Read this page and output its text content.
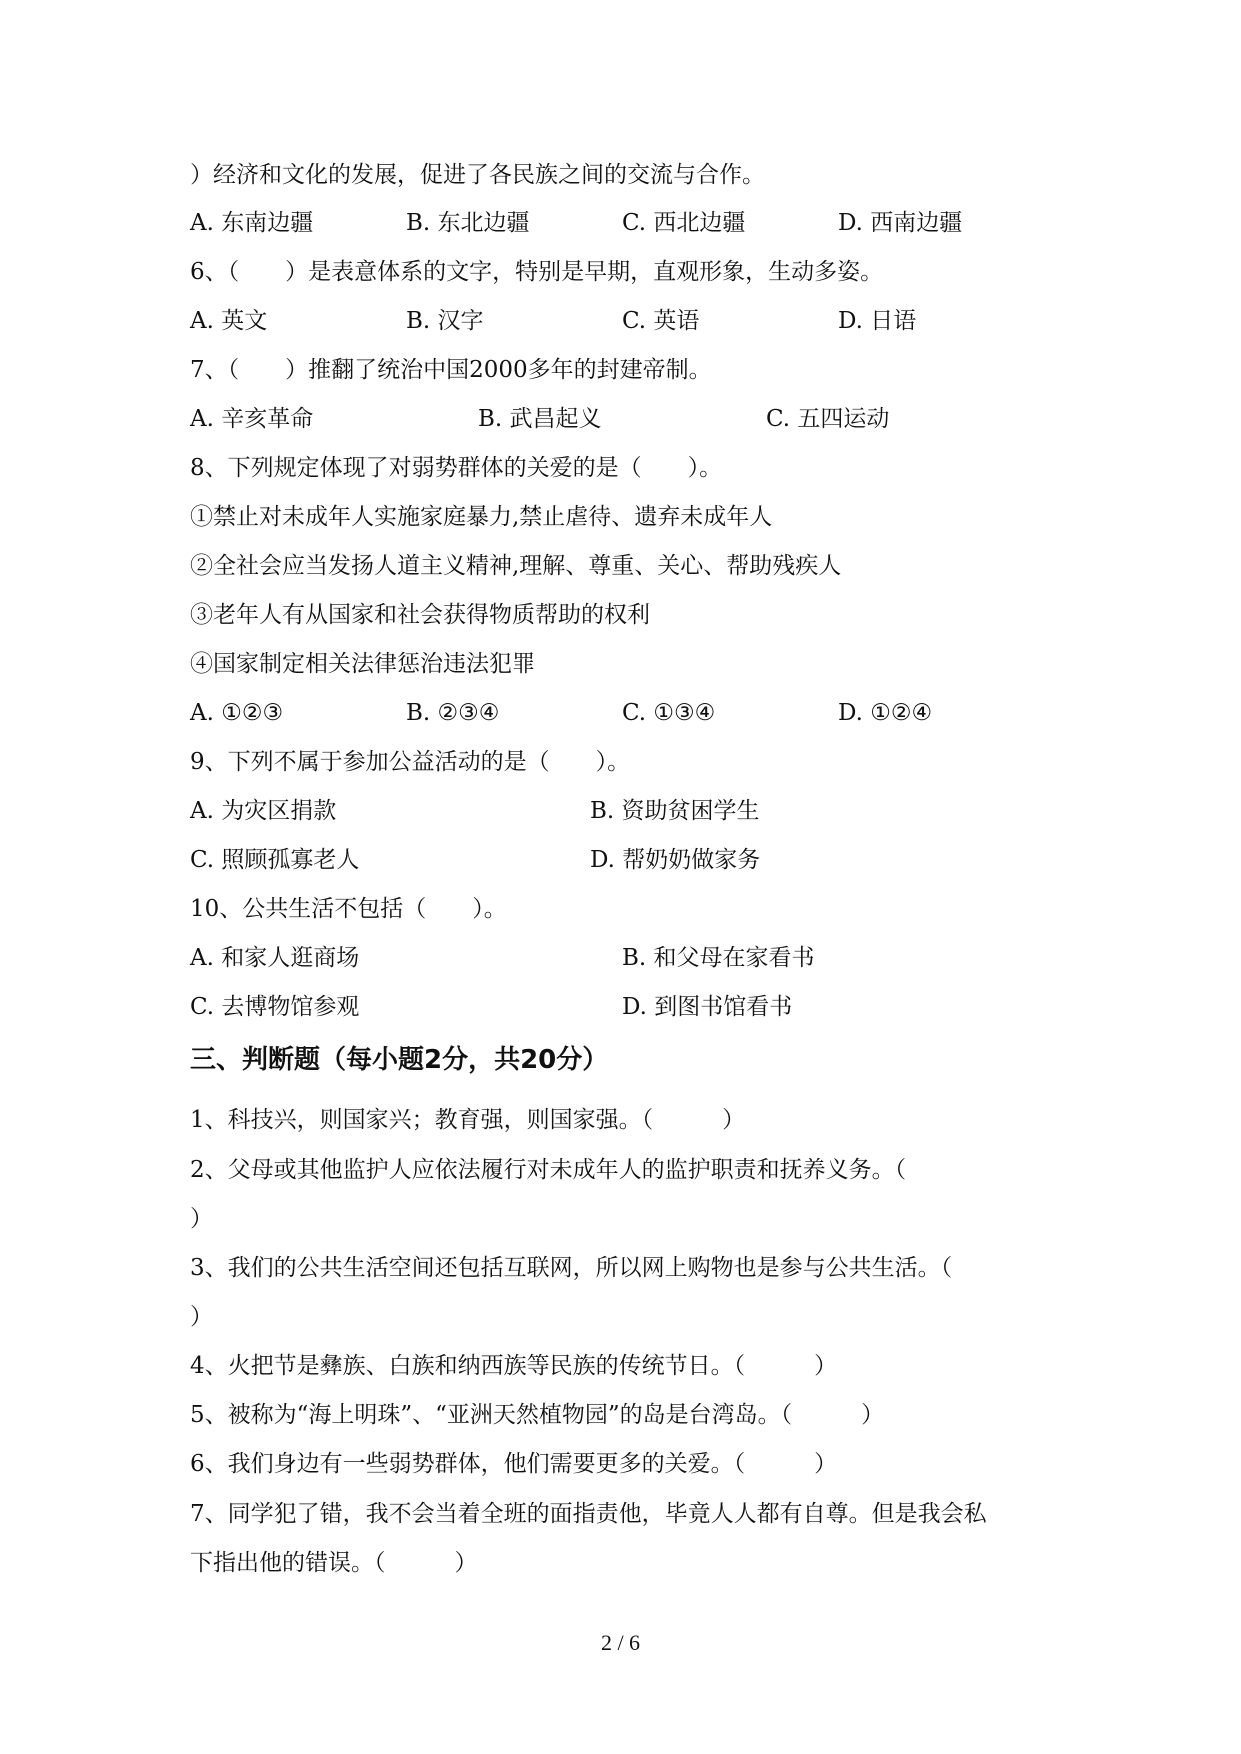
）经济和文化的发展，促进了各民族之间的交流与合作。
A. 东南边疆	B. 东北边疆	C. 西北边疆	D. 西南边疆
6、（　　）是表意体系的文字，特别是早期，直观形象，生动多姿。
A. 英文	B. 汉字	C. 英语	D. 日语
7、（　　）推翻了统治中国2000多年的封建帝制。
A. 辛亥革命	B. 武昌起义	C. 五四运动
8、下列规定体现了对弱势群体的关爱的是（　　）。
①禁止对未成年人实施家庭暴力,禁止虐待、遗弃未成年人
②全社会应当发扬人道主义精神,理解、尊重、关心、帮助残疾人
③老年人有从国家和社会获得物质帮助的权利
④国家制定相关法律惩治违法犯罪
A. ①②③	B. ②③④	C. ①③④	D. ①②④
9、下列不属于参加公益活动的是（　　）。
A. 为灾区捐款	B. 资助贫困学生
C. 照顾孤寡老人	D. 帮奶奶做家务
10、公共生活不包括（　　）。
A. 和家人逛商场	B. 和父母在家看书
C. 去博物馆参观	D. 到图书馆看书
三、判断题（每小题2分，共20分）
1、科技兴，则国家兴；教育强，则国家强。（　　　）
2、父母或其他监护人应依法履行对未成年人的监护职责和抚养义务。（
）
3、我们的公共生活空间还包括互联网，所以网上购物也是参与公共生活。（
）
4、火把节是彝族、白族和纳西族等民族的传统节日。（　　　）
5、被称为“海上明珠”、“亚洲天然植物园”的岛是台湾岛。（　　　）
6、我们身边有一些弱势群体，他们需要更多的关爱。（　　　）
7、同学犯了错，我不会当着全班的面指责他，毕竟人人都有自尊。但是我会私
下指出他的错误。（　　　）
2 / 6
